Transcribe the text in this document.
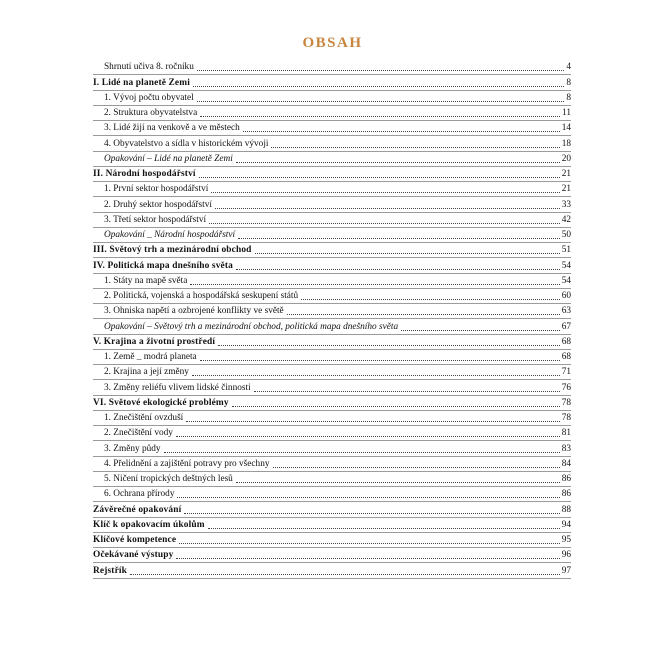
OBSAH
Shrnutí učiva 8. ročníku	4
I. Lidé na planetě Zemi	8
1. Vývoj počtu obyvatel	8
2. Struktura obyvatelstva	11
3. Lidé žijí na venkově a ve městech	14
4. Obyvatelstvo a sídla v historickém vývoji	18
Opakování – Lidé na planetě Zemi	20
II. Národní hospodářství	21
1. První sektor hospodářství	21
2. Druhý sektor hospodářství	33
3. Třetí sektor hospodářství	42
Opakování _ Národní hospodářství	50
III. Světový trh a mezinárodní obchod	51
IV. Politická mapa dnešního světa	54
1. Státy na mapě světa	54
2. Politická, vojenská a hospodářská seskupení států	60
3. Ohniska napětí a ozbrojené konflikty ve světě	63
Opakování – Světový trh a mezinárodní obchod, politická mapa dnešního světa	67
V. Krajina a životní prostředí	68
1. Země _ modrá planeta	68
2. Krajina a její změny	71
3. Změny reliéfu vlivem lidské činnosti	76
VI. Světové ekologické problémy	78
1. Znečištění ovzduší	78
2. Znečištění vody	81
3. Změny půdy	83
4. Přelidnění a zajištění potravy pro všechny	84
5. Ničení tropických deštných lesů	86
6. Ochrana přírody	86
Závěrečné opakování	88
Klíč k opakovacím úkolům	94
Klíčové kompetence	95
Očekávané výstupy	96
Rejstřík	97
